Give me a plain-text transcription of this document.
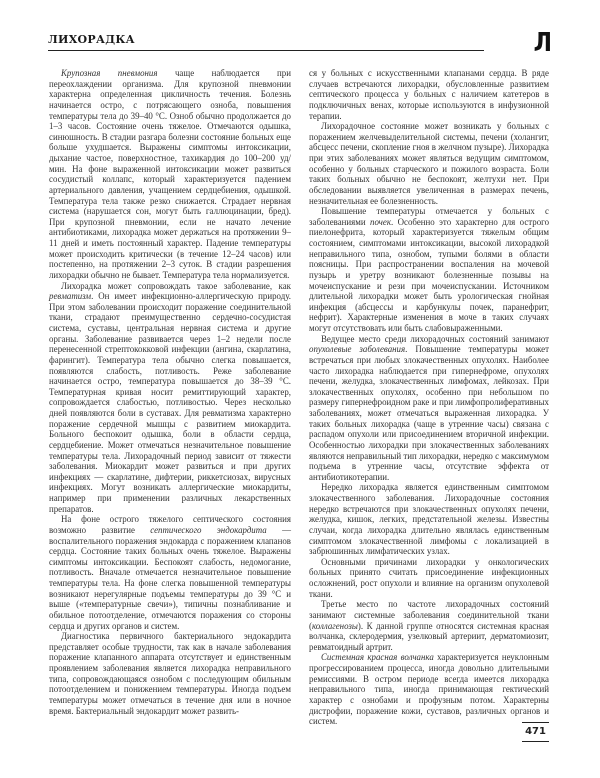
ЛИХОРАДКА	Л

Крупозная пневмония чаще наблюдается при переохлаждении организма. Для крупозной пневмонии характерна определенная цикличность течения. Болезнь начинается остро, с потрясающего озноба, повышения температуры тела до 39–40 °С. Озноб обычно продолжается до 1–3 часов. Состояние очень тяжелое. Отмечаются одышка, синюшность. В стадии разгара болезни состояние больных еще больше ухудшается. Выражены симптомы интоксикации, дыхание частое, поверхностное, тахикардия до 100–200 уд/мин. На фоне выраженной интоксикации может развиться сосудистый коллапс, который характеризуется падением артериального давления, учащением сердцебиения, одышкой. Температура тела также резко снижается. Страдает нервная система (нарушается сон, могут быть галлюцинации, бред). При крупозной пневмонии, если не начато лечение антибиотиками, лихорадка может держаться на протяжении 9–11 дней и иметь постоянный характер. Падение температуры может происходить критически (в течение 12–24 часов) или постепенно, на протяжении 2–3 суток. В стадии разрешения лихорадки обычно не бывает. Температура тела нормализуется.

Лихорадка может сопровождать такое заболевание, как ревматизм. Он имеет инфекционно-аллергическую природу. При этом заболевании происходит поражение соединительной ткани, страдают преимущественно сердечно-сосудистая система, суставы, центральная нервная система и другие органы. Заболевание развивается через 1–2 недели после перенесенной стрептококковой инфекции (ангина, скарлатина, фарингит). Температура тела обычно слегка повышается, появляются слабость, потливость. Реже заболевание начинается остро, температура повышается до 38–39 °С. Температурная кривая носит ремиттирующий характер, сопровождается слабостью, потливостью. Через несколько дней появляются боли в суставах. Для ревматизма характерно поражение сердечной мышцы с развитием миокардита. Больного беспокоит одышка, боли в области сердца, сердцебиение. Может отмечаться незначительное повышение температуры тела. Лихорадочный период зависит от тяжести заболевания. Миокардит может развиться и при других инфекциях — скарлатине, дифтерии, риккетсиозах, вирусных инфекциях. Могут возникать аллергические миокардиты, например при применении различных лекарственных препаратов.

На фоне острого тяжелого септического состояния возможно развитие септического эндокардита — воспалительного поражения эндокарда с поражением клапанов сердца. Состояние таких больных очень тяжелое. Выражены симптомы интоксикации. Беспокоят слабость, недомогание, потливость. Вначале отмечается незначительное повышение температуры тела. На фоне слегка повышенной температуры возникают нерегулярные подъемы температуры до 39 °С и выше («температурные свечи»), типичны познабливание и обильное потоотделение, отмечаются поражения со стороны сердца и других органов и систем.

Диагностика первичного бактериального эндокардита представляет особые трудности, так как в начале заболевания поражение клапанного аппарата отсутствует и единственным проявлением заболевания является лихорадка неправильного типа, сопровождающаяся ознобом с последующим обильным потоотделением и понижением температуры. Иногда подъем температуры может отмечаться в течение дня или в ночное время. Бактериальный эндокардит может развить-

ся у больных с искусственными клапанами сердца. В ряде случаев встречаются лихорадки, обусловленные развитием септического процесса у больных с наличием катетеров в подключичных венах, которые используются в инфузионной терапии.

Лихорадочное состояние может возникать у больных с поражением желчевыделительной системы, печени (холангит, абсцесс печени, скопление гноя в желчном пузыре). Лихорадка при этих заболеваниях может являться ведущим симптомом, особенно у больных старческого и пожилого возраста. Боли таких больных обычно не беспокоят, желтухи нет. При обследовании выявляется увеличенная в размерах печень, незначительная ее болезненность.

Повышение температуры отмечается у больных с заболеваниями почек. Особенно это характерно для острого пиелонефрита, который характеризуется тяжелым общим состоянием, симптомами интоксикации, высокой лихорадкой неправильного типа, ознобом, тупыми болями в области поясницы. При распространении воспаления на мочевой пузырь и уретру возникают болезненные позывы на мочеиспускание и рези при мочеиспускании. Источником длительной лихорадки может быть урологическая гнойная инфекция (абсцессы и карбункулы почек, паранефрит, нефрит). Характерные изменения в моче в таких случаях могут отсутствовать или быть слабовыраженными.

Ведущее место среди лихорадочных состояний занимают опухолевые заболевания. Повышение температуры может встречаться при любых злокачественных опухолях. Наиболее часто лихорадка наблюдается при гипернефроме, опухолях печени, желудка, злокачественных лимфомах, лейкозах. При злокачественных опухолях, особенно при небольшом по размеру гипернефроидном раке и при лимфопролиферативных заболеваниях, может отмечаться выраженная лихорадка. У таких больных лихорадка (чаще в утренние часы) связана с распадом опухоли или присоединением вторичной инфекции. Особенностью лихорадки при злокачественных заболеваниях являются неправильный тип лихорадки, нередко с максимумом подъема в утренние часы, отсутствие эффекта от антибиотикотерапии.

Нередко лихорадка является единственным симптомом злокачественного заболевания. Лихорадочные состояния нередко встречаются при злокачественных опухолях печени, желудка, кишок, легких, предстательной железы. Известны случаи, когда лихорадка длительно являлась единственным симптомом злокачественной лимфомы с локализацией в забрюшинных лимфатических узлах.

Основными причинами лихорадки у онкологических больных принято считать присоединение инфекционных осложнений, рост опухоли и влияние на организм опухолевой ткани.

Третье место по частоте лихорадочных состояний занимают системные заболевания соединительной ткани (коллагенозы). К данной группе относятся системная красная волчанка, склеродермия, узелковый артериит, дерматомиозит, ревматоидный артрит.

Системная красная волчанка характеризуется неуклонным прогрессированием процесса, иногда довольно длительными ремиссиями. В остром периоде всегда имеется лихорадка неправильного типа, иногда принимающая гектический характер с ознобами и профузным потом. Характерны дистрофии, поражение кожи, суставов, различных органов и систем.

471
